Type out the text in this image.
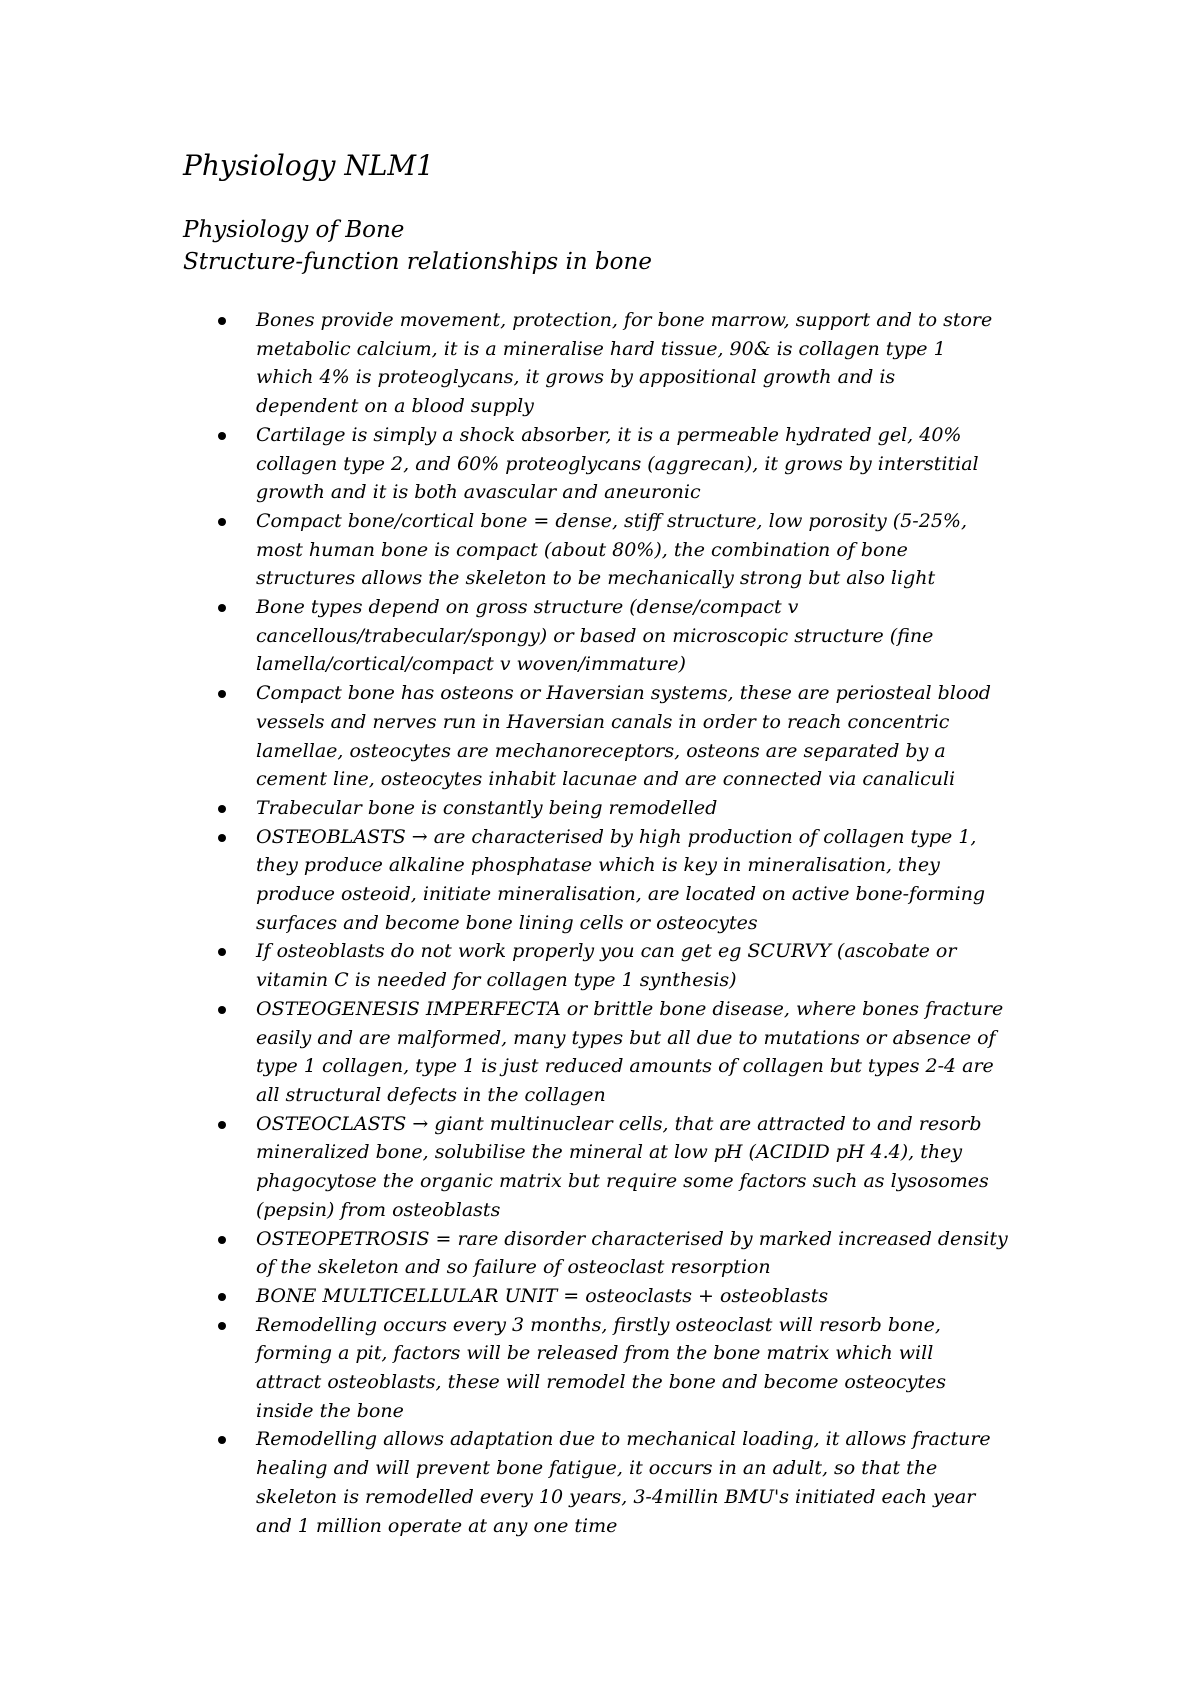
Physiology NLM1
Physiology of Bone
Structure-function relationships in bone
Bones provide movement, protection, for bone marrow, support and to store
metabolic calcium, it is a mineralise hard tissue, 90& is collagen type 1
which 4% is proteoglycans, it grows by appositional growth and is
dependent on a blood supply
Cartilage is simply a shock absorber, it is a permeable hydrated gel, 40%
collagen type 2, and 60% proteoglycans (aggrecan), it grows by interstitial
growth and it is both avascular and aneuronic
Compact bone/cortical bone = dense, stiff structure, low porosity (5-25%,
most human bone is compact (about 80%), the combination of bone
structures allows the skeleton to be mechanically strong but also light
Bone types depend on gross structure (dense/compact v
cancellous/trabecular/spongy) or based on microscopic structure (fine
lamella/cortical/compact v woven/immature)
Compact bone has osteons or Haversian systems, these are periosteal blood
vessels and nerves run in Haversian canals in order to reach concentric
lamellae, osteocytes are mechanoreceptors, osteons are separated by a
cement line, osteocytes inhabit lacunae and are connected via canaliculi
Trabecular bone is constantly being remodelled
OSTEOBLASTS → are characterised by high production of collagen type 1,
they produce alkaline phosphatase which is key in mineralisation, they
produce osteoid, initiate mineralisation, are located on active bone-forming
surfaces and become bone lining cells or osteocytes
If osteoblasts do not work properly you can get eg SCURVY (ascobate or
vitamin C is needed for collagen type 1 synthesis)
OSTEOGENESIS IMPERFECTA or brittle bone disease, where bones fracture
easily and are malformed, many types but all due to mutations or absence of
type 1 collagen, type 1 is just reduced amounts of collagen but types 2-4 are
all structural defects in the collagen
OSTEOCLASTS → giant multinuclear cells, that are attracted to and resorb
mineralized bone, solubilise the mineral at low pH (ACIDID pH 4.4), they
phagocytose the organic matrix but require some factors such as lysosomes
(pepsin) from osteoblasts
OSTEOPETROSIS = rare disorder characterised by marked increased density
of the skeleton and so failure of osteoclast resorption
BONE MULTICELLULAR UNIT = osteoclasts + osteoblasts
Remodelling occurs every 3 months, firstly osteoclast will resorb bone,
forming a pit, factors will be released from the bone matrix which will
attract osteoblasts, these will remodel the bone and become osteocytes
inside the bone
Remodelling allows adaptation due to mechanical loading, it allows fracture
healing and will prevent bone fatigue, it occurs in an adult, so that the
skeleton is remodelled every 10 years, 3-4millin BMU's initiated each year
and 1 million operate at any one time
